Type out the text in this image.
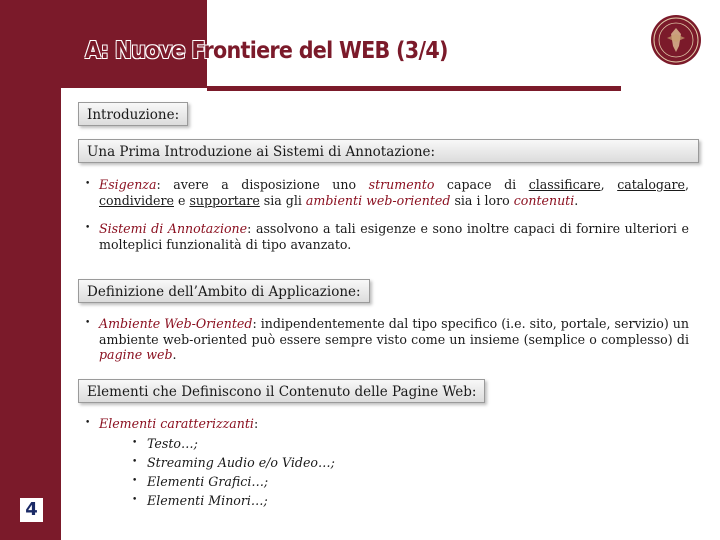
A: Nuove Frontiere del WEB (3/4)
Introduzione:
Una Prima Introduzione ai Sistemi di Annotazione:
• Esigenza: avere a disposizione uno strumento capace di classificare, catalogare, condividere e supportare sia gli ambienti web-oriented sia i loro contenuti.
• Sistemi di Annotazione: assolvono a tali esigenze e sono inoltre capaci di fornire ulteriori e molteplici funzionalità di tipo avanzato.
Definizione dell’Ambito di Applicazione:
• Ambiente Web-Oriented: indipendentemente dal tipo specifico (i.e. sito, portale, servizio) un ambiente web-oriented può essere sempre visto come un insieme (semplice o complesso) di pagine web.
Elementi che Definiscono il Contenuto delle Pagine Web:
• Elementi caratterizzanti:
• Testo…;
• Streaming Audio e/o Video…;
• Elementi Grafici…;
• Elementi Minori…;
4
